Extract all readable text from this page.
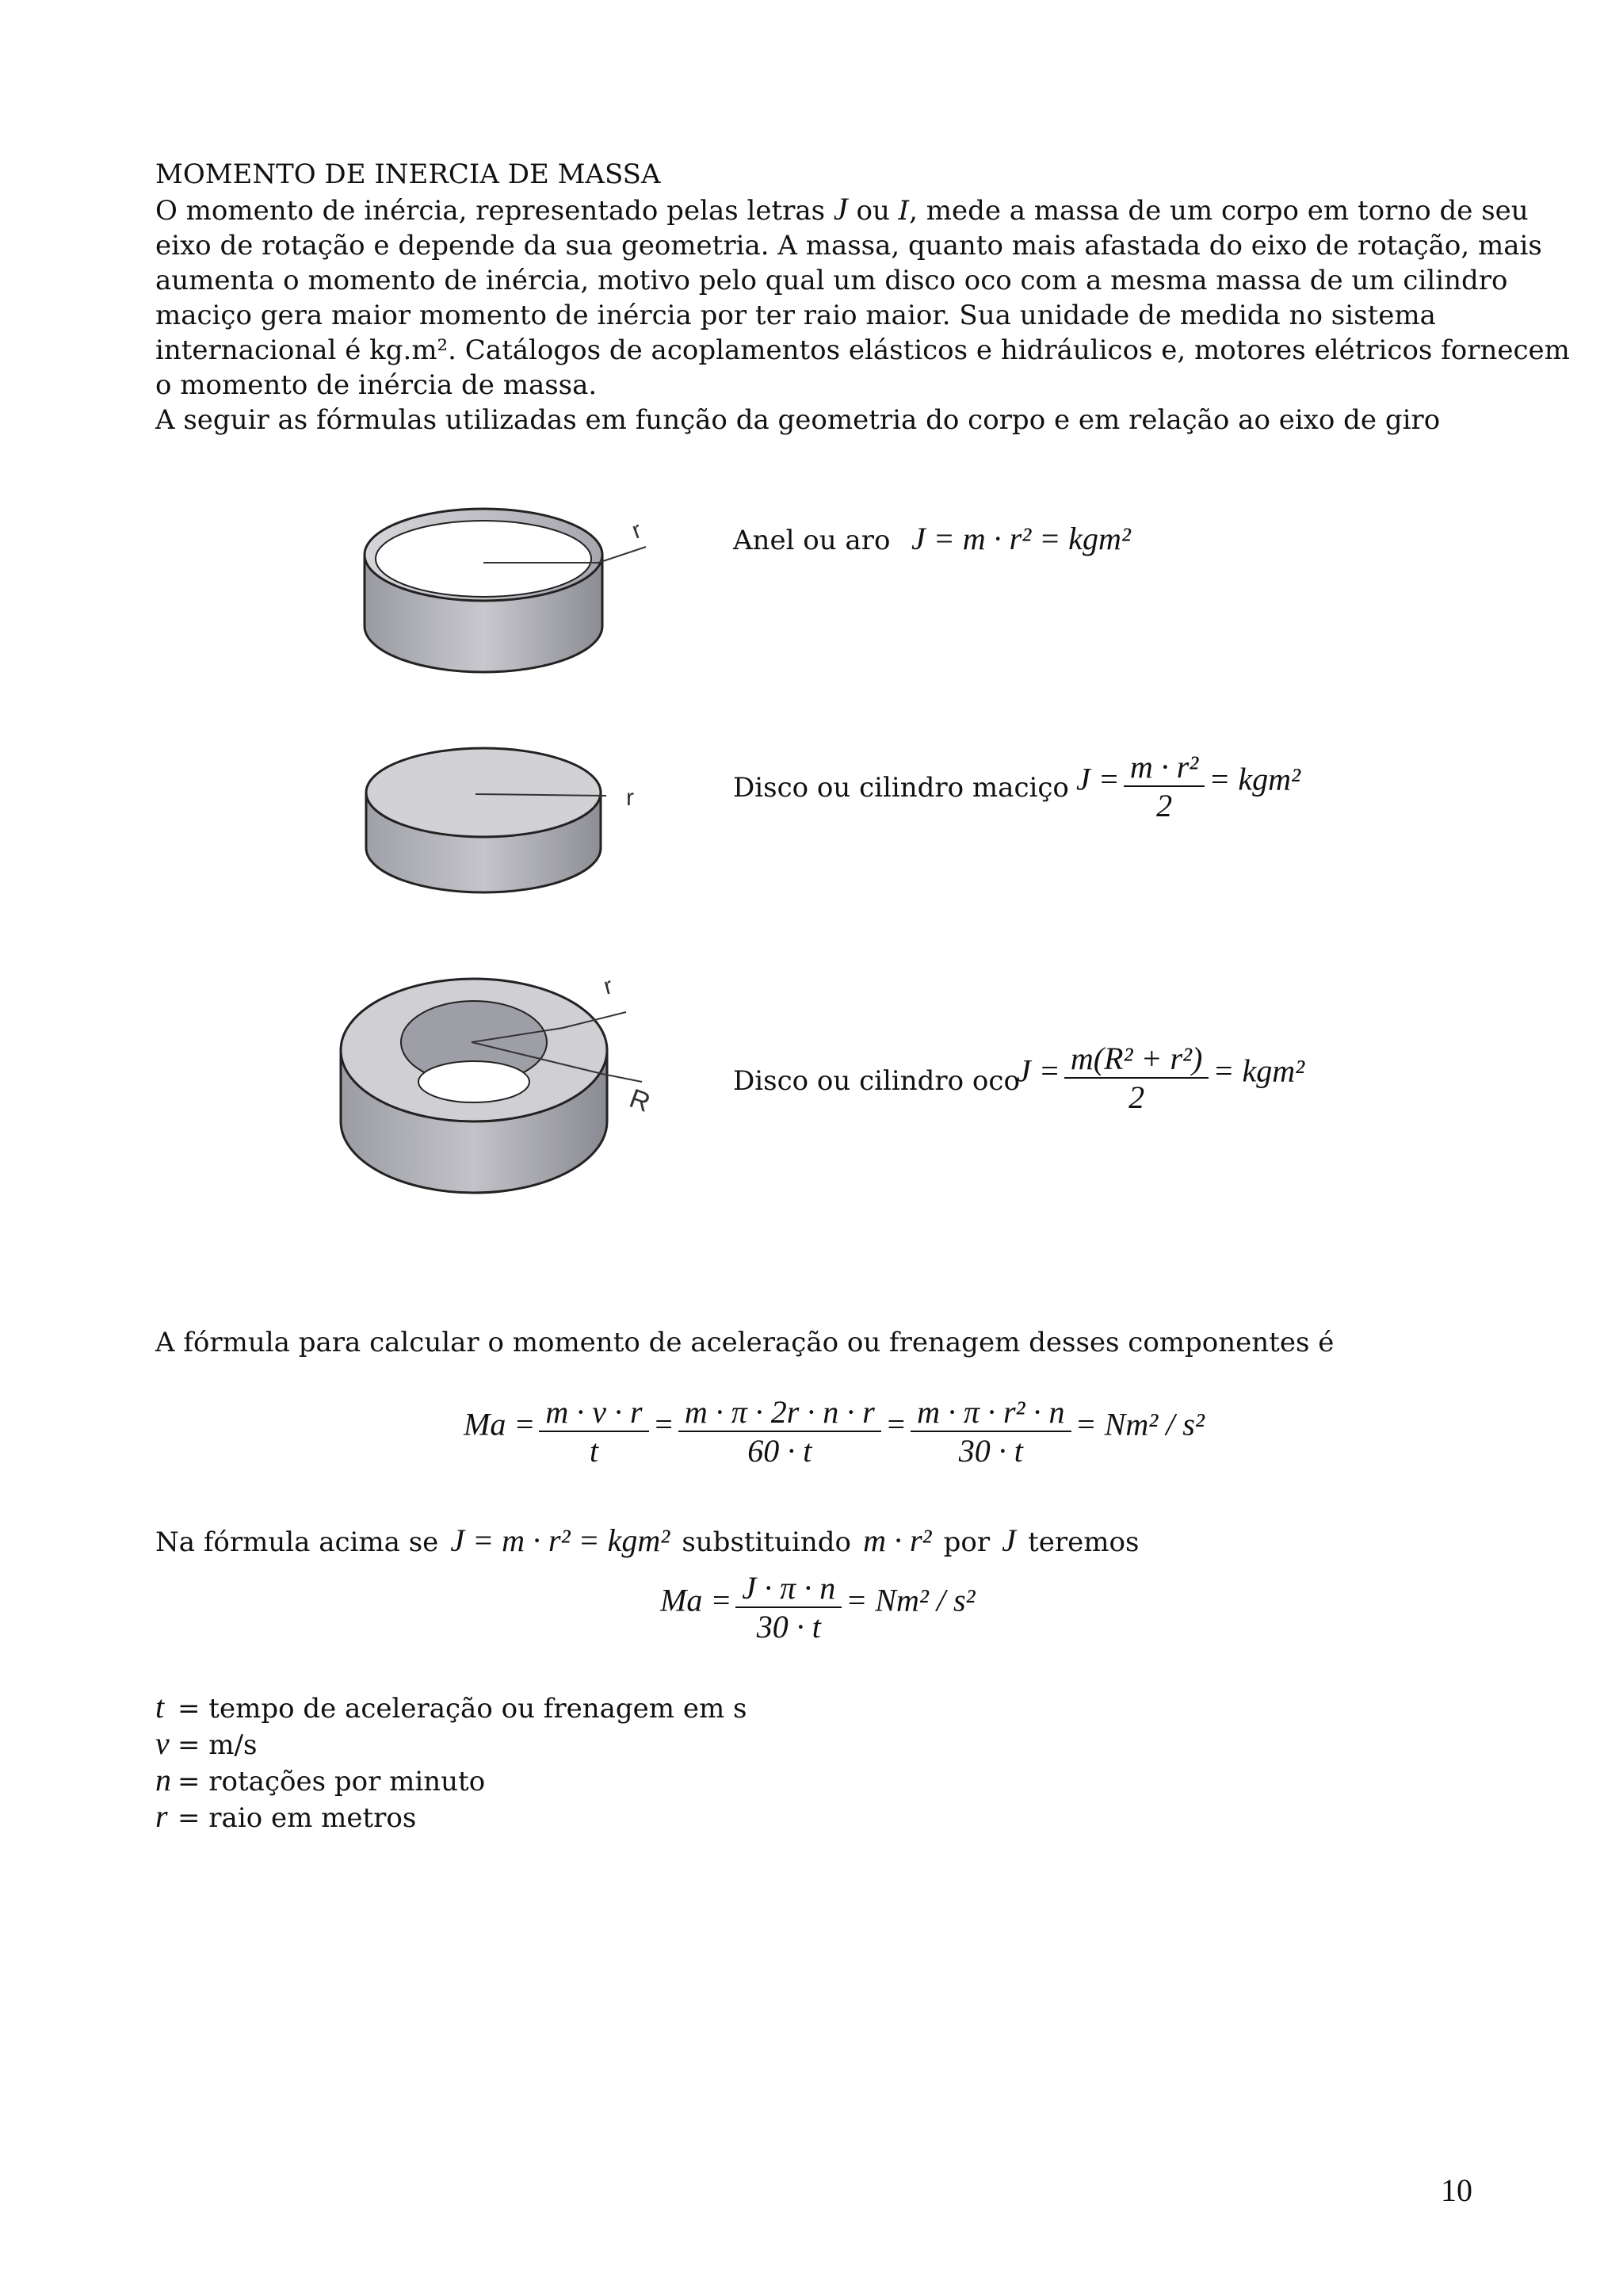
MOMENTO DE INERCIA DE MASSA
O momento de inércia, representado pelas letras J ou I, mede a massa de um corpo em torno de seu
eixo de rotação e depende da sua geometria. A massa, quanto mais afastada do eixo de rotação, mais
aumenta o momento de inércia, motivo pelo qual um disco oco com a mesma massa de um cilindro
maciço gera maior momento de inércia por ter raio maior. Sua unidade de medida no sistema
internacional é kg.m². Catálogos de acoplamentos elásticos e hidráulicos e, motores elétricos fornecem
o momento de inércia de massa.
A seguir as fórmulas utilizadas em função da geometria do corpo e em relação ao eixo de giro
r	Anel ou aro J = m · r² = kgm²
r	Disco ou cilindro maciço $J = \frac{\text{m · r²}}{2} = kgm^2$
r
R
Disco ou cilindro oco
$J = \frac{\text{m(R² + r²)}}{2} = kgm^2$
A fórmula para calcular o momento de aceleração ou frenagem desses componentes é
$Ma = \frac{m \cdot v \cdot r}{t} = \frac{m \cdot \pi \cdot 2r \cdot n \cdot r}{60 \cdot t} = \frac{\text{m · π · r² · n}}{30 \cdot t} = Nm^2 / s^2$
Na fórmula acima se J = m · r² = kgm² substituindo m · r² por J teremos
$Ma = \frac{J \cdot \pi \cdot n}{30 \cdot t} = Nm^2 / s^2$
t = tempo de aceleração ou frenagem em s
v = m/s
n = rotações por minuto
r = raio em metros
10
